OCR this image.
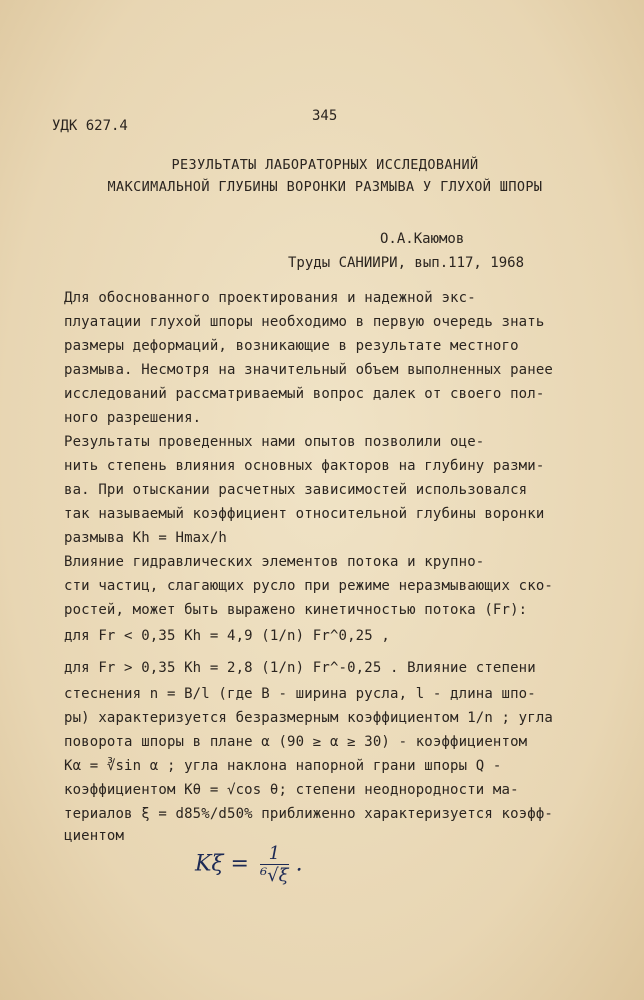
УДК 627.4
345
РЕЗУЛЬТАТЫ ЛАБОРАТОРНЫХ ИССЛЕДОВАНИЙ
МАКСИМАЛЬНОЙ ГЛУБИНЫ ВОРОНКИ РАЗМЫВА У ГЛУХОЙ ШПОРЫ
О.А.Каюмов
Труды САНИИРИ, вып.117, 1968
Для обоснованного проектирования и надежной экс-
плуатации глухой шпоры необходимо в первую очередь знать
размеры деформаций, возникающие в результате местного
размыва. Несмотря на значительный объем выполненных ранее
исследований рассматриваемый вопрос далек от своего пол-
ного разрешения.
Результаты проведенных нами опытов позволили оце-
нить степень влияния основных факторов на глубину разми-
ва. При отыскании расчетных зависимостей использовался
так называемый коэффициент относительной глубины воронки
размыва Kh = Hmax/h
Влияние гидравлических элементов потока и крупно-
сти частиц, слагающих русло при режиме неразмывающих ско-
ростей, может быть выражено кинетичностью потока (Fr):
для Fr < 0,35 Kh = 4,9 (1/n) Fr^0,25 ,
для Fr > 0,35 Kh = 2,8 (1/n) Fr^-0,25 . Влияние степени
стеснения n = B/l (где B - ширина русла, l - длина шпо-
ры) характеризуется безразмерным коэффициентом 1/n ; угла
поворота шпоры в плане α (90 ≥ α ≥ 30) - коэффициентом
Kα = ∛sin α ; угла наклона напорной грани шпоры Q -
коэффициентом Kθ = √cos θ; степени неоднородности ма-
териалов ξ = d85%/d50% приближенно характеризуется коэфф-
циентом
$K\xi = \frac{1}{\text{⁶√ξ}}$ .
